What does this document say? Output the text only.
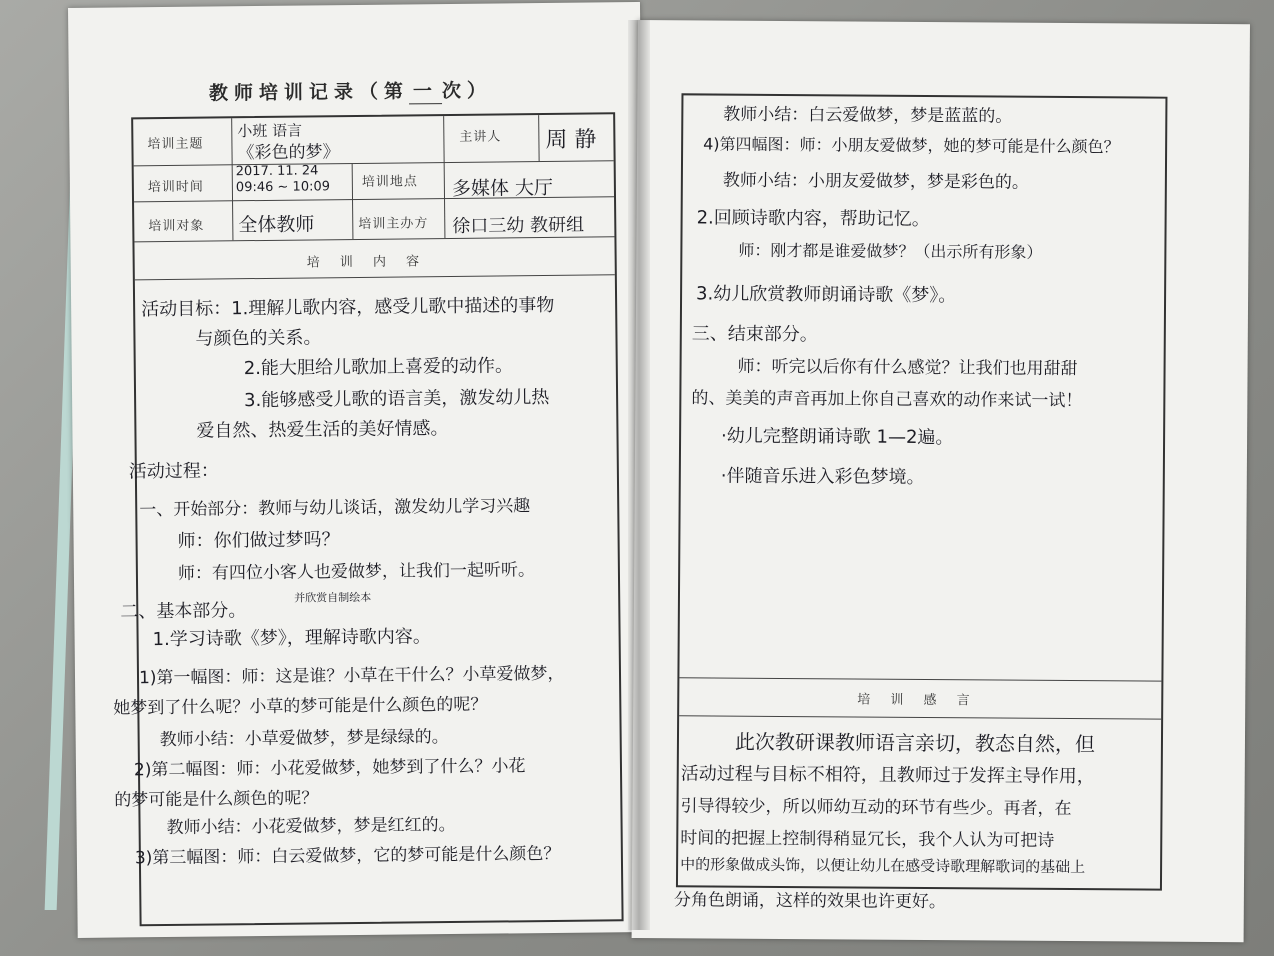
教师培训记录（第 一 次）
培训主题
小班 语言
《彩色的梦》
主讲人 周 静
培训时间
2017. 11. 24
09:46 ~ 10:09 培训地点 多媒体 大厅
培训对象 全体教师	培训主办方 徐口三幼 教研组
培 训 内 容
活动目标：1.理解儿歌内容，感受儿歌中描述的事物
与颜色的关系。
2.能大胆给儿歌加上喜爱的动作。
3.能够感受儿歌的语言美，激发幼儿热
爱自然、热爱生活的美好情感。
活动过程：
一、开始部分：教师与幼儿谈话，激发幼儿学习兴趣
师：你们做过梦吗？
师：有四位小客人也爱做梦，让我们一起听听。
二、基本部分。
并欣赏自制绘本
1.学习诗歌《梦》，理解诗歌内容。
1)第一幅图：师：这是谁？小草在干什么？小草爱做梦，
她梦到了什么呢？小草的梦可能是什么颜色的呢？
教师小结：小草爱做梦，梦是绿绿的。
2)第二幅图：师：小花爱做梦，她梦到了什么？小花
的梦可能是什么颜色的呢？
教师小结：小花爱做梦，梦是红红的。
3)第三幅图：师：白云爱做梦，它的梦可能是什么颜色？
教师小结：白云爱做梦，梦是蓝蓝的。
4)第四幅图：师：小朋友爱做梦，她的梦可能是什么颜色？
教师小结：小朋友爱做梦，梦是彩色的。
2.回顾诗歌内容，帮助记忆。
师：刚才都是谁爱做梦？（出示所有形象）
3.幼儿欣赏教师朗诵诗歌《梦》。
三、结束部分。
师：听完以后你有什么感觉？让我们也用甜甜
的、美美的声音再加上你自己喜欢的动作来试一试！
·幼儿完整朗诵诗歌 1—2遍。
·伴随音乐进入彩色梦境。
培 训 感 言
此次教研课教师语言亲切，教态自然，但
活动过程与目标不相符，且教师过于发挥主导作用，
引导得较少，所以师幼互动的环节有些少。再者，在
时间的把握上控制得稍显冗长，我个人认为可把诗
中的形象做成头饰，以便让幼儿在感受诗歌理解歌词的基础上
分角色朗诵，这样的效果也许更好。
